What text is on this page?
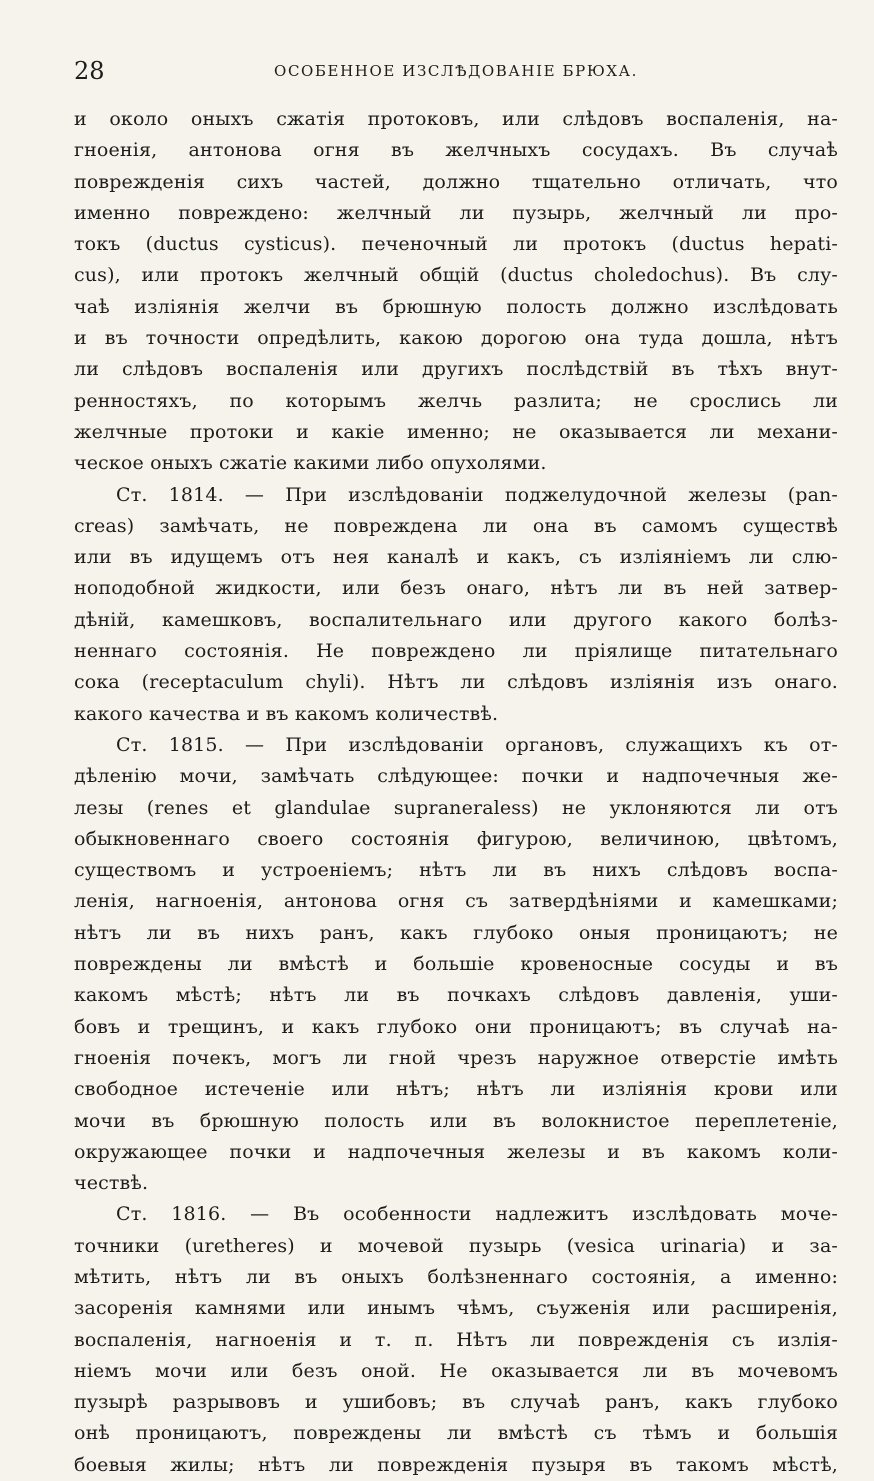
28	ОСОБЕННОЕ ИЗСЛѢДОВАНІЕ БРЮХА.
и около оныхъ сжатія протоковъ, или слѣдовъ воспаленія, на-
гноенія, антонова огня въ желчныхъ сосудахъ. Въ случаѣ
поврежденія сихъ частей, должно тщательно отличать, что
именно повреждено: желчный ли пузырь, желчный ли про-
токъ (ductus cysticus). печеночный ли протокъ (ductus hepati-
cus), или протокъ желчный общій (ductus choledochus). Въ слу-
чаѣ изліянія желчи въ брюшную полость должно изслѣдовать
и въ точности опредѣлить, какою дорогою она туда дошла, нѣтъ
ли слѣдовъ воспаленія или другихъ послѣдствій въ тѣхъ внут-
ренностяхъ, по которымъ желчь разлита; не срослись ли
желчные протоки и какіе именно; не оказывается ли механи-
ческое оныхъ сжатіе какими либо опухолями.
Ст. 1814. — При изслѣдованіи поджелудочной железы (pan-
creas) замѣчать, не повреждена ли она въ самомъ существѣ
или въ идущемъ отъ нея каналѣ и какъ, съ изліяніемъ ли слю-
ноподобной жидкости, или безъ онаго, нѣтъ ли въ ней затвер-
дѣній, камешковъ, воспалительнаго или другого какого болѣз-
неннаго состоянія. Не повреждено ли пріялище питательнаго
сока (receptaculum chyli). Нѣтъ ли слѣдовъ изліянія изъ онаго.
какого качества и въ какомъ количествѣ.
Ст. 1815. — При изслѣдованіи органовъ, служащихъ къ от-
дѣленію мочи, замѣчать слѣдующее: почки и надпочечныя же-
лезы (renes et glandulae supraneraless) не уклоняются ли отъ
обыкновеннаго своего состоянія фигурою, величиною, цвѣтомъ,
существомъ и устроеніемъ; нѣтъ ли въ нихъ слѣдовъ воспа-
ленія, нагноенія, антонова огня съ затвердѣніями и камешками;
нѣтъ ли въ нихъ ранъ, какъ глубоко оныя проницаютъ; не
повреждены ли вмѣстѣ и большіе кровеносные сосуды и въ
какомъ мѣстѣ; нѣтъ ли въ почкахъ слѣдовъ давленія, уши-
бовъ и трещинъ, и какъ глубоко они проницаютъ; въ случаѣ на-
гноенія почекъ, могъ ли гной чрезъ наружное отверстіе имѣть
свободное истеченіе или нѣтъ; нѣтъ ли изліянія крови или
мочи въ брюшную полость или въ волокнистое переплетеніе,
окружающее почки и надпочечныя железы и въ какомъ коли-
чествѣ.
Ст. 1816. — Въ особенности надлежитъ изслѣдовать моче-
точники (uretheres) и мочевой пузырь (vesica urinaria) и за-
мѣтить, нѣтъ ли въ оныхъ болѣзненнаго состоянія, а именно:
засоренія камнями или инымъ чѣмъ, съуженія или расширенія,
воспаленія, нагноенія и т. п. Нѣтъ ли поврежденія съ излія-
ніемъ мочи или безъ оной. Не оказывается ли въ мочевомъ
пузырѣ разрывовъ и ушибовъ; въ случаѣ ранъ, какъ глубоко
онѣ проницаютъ, повреждены ли вмѣстѣ съ тѣмъ и большія
боевыя жилы; нѣтъ ли поврежденія пузыря въ такомъ мѣстѣ,
